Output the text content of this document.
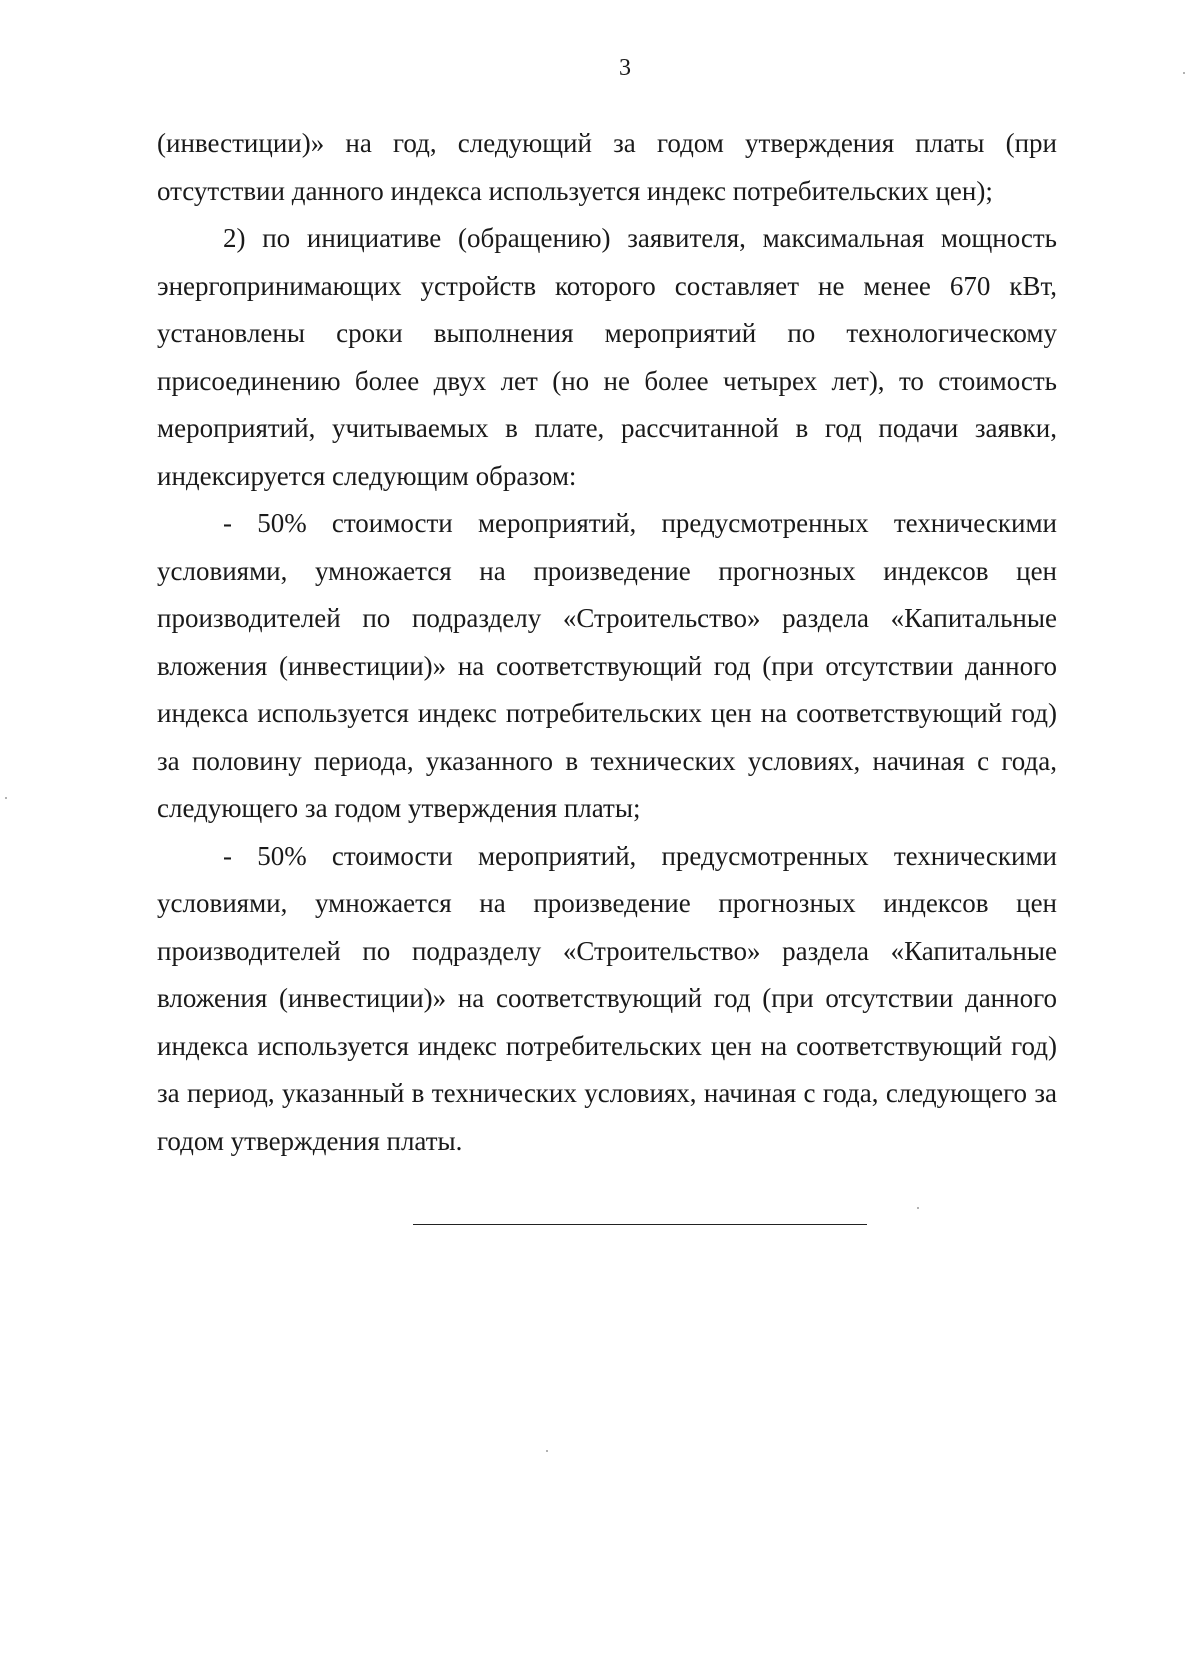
3

(инвестиции)» на год, следующий за годом утверждения платы (при отсутствии данного индекса используется индекс потребительских цен);

2) по инициативе (обращению) заявителя, максимальная мощность энергопринимающих устройств которого составляет не менее 670 кВт, установлены сроки выполнения мероприятий по технологическому присоединению более двух лет (но не более четырех лет), то стоимость мероприятий, учитываемых в плате, рассчитанной в год подачи заявки, индексируется следующим образом:

- 50% стоимости мероприятий, предусмотренных техническими условиями, умножается на произведение прогнозных индексов цен производителей по подразделу «Строительство» раздела «Капитальные вложения (инвестиции)» на соответствующий год (при отсутствии данного индекса используется индекс потребительских цен на соответствующий год) за половину периода, указанного в технических условиях, начиная с года, следующего за годом утверждения платы;

- 50% стоимости мероприятий, предусмотренных техническими условиями, умножается на произведение прогнозных индексов цен производителей по подразделу «Строительство» раздела «Капитальные вложения (инвестиции)» на соответствующий год (при отсутствии данного индекса используется индекс потребительских цен на соответствующий год) за период, указанный в технических условиях, начиная с года, следующего за годом утверждения платы.
